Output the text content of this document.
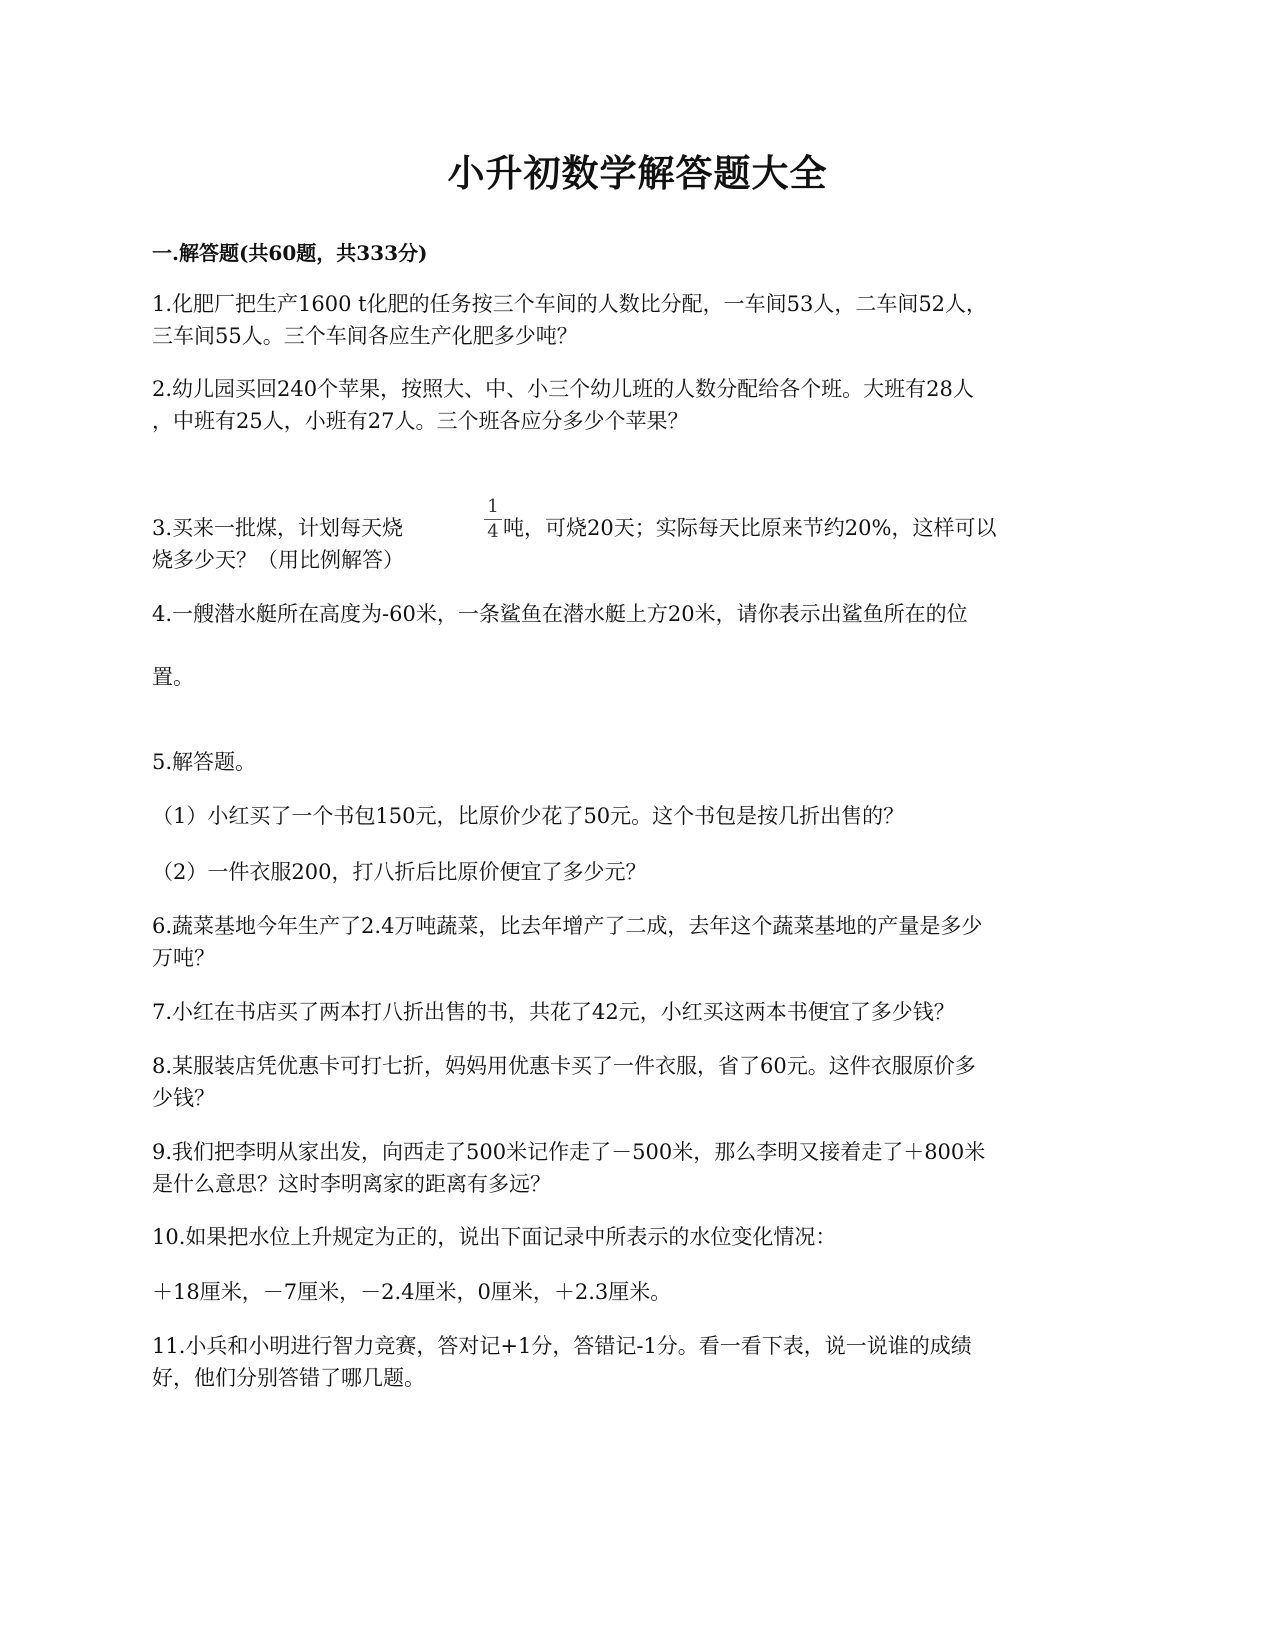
小升初数学解答题大全
一.解答题(共60题，共333分)
1.化肥厂把生产1600 t化肥的任务按三个车间的人数比分配，一车间53人，二车间52人，
三车间55人。三个车间各应生产化肥多少吨？
2.幼儿园买回240个苹果，按照大、中、小三个幼儿班的人数分配给各个班。大班有28人
，中班有25人，小班有27人。三个班各应分多少个苹果？
3.买来一批煤，计划每天烧	吨，可烧20天；实际每天比原来节约20%，这样可以
烧多少天？（用比例解答）
1
4
4.一艘潜水艇所在高度为-60米，一条鲨鱼在潜水艇上方20米，请你表示出鲨鱼所在的位
置。
5.解答题。
（1）小红买了一个书包150元，比原价少花了50元。这个书包是按几折出售的？
（2）一件衣服200，打八折后比原价便宜了多少元？
6.蔬菜基地今年生产了2.4万吨蔬菜，比去年增产了二成，去年这个蔬菜基地的产量是多少
万吨？
7.小红在书店买了两本打八折出售的书，共花了42元，小红买这两本书便宜了多少钱？
8.某服装店凭优惠卡可打七折，妈妈用优惠卡买了一件衣服，省了60元。这件衣服原价多
少钱？
9.我们把李明从家出发，向西走了500米记作走了－500米，那么李明又接着走了＋800米
是什么意思？这时李明离家的距离有多远？
10.如果把水位上升规定为正的，说出下面记录中所表示的水位变化情况：
＋18厘米，－7厘米，－2.4厘米，0厘米，＋2.3厘米。
11.小兵和小明进行智力竞赛，答对记+1分，答错记-1分。看一看下表，说一说谁的成绩
好，他们分别答错了哪几题。
